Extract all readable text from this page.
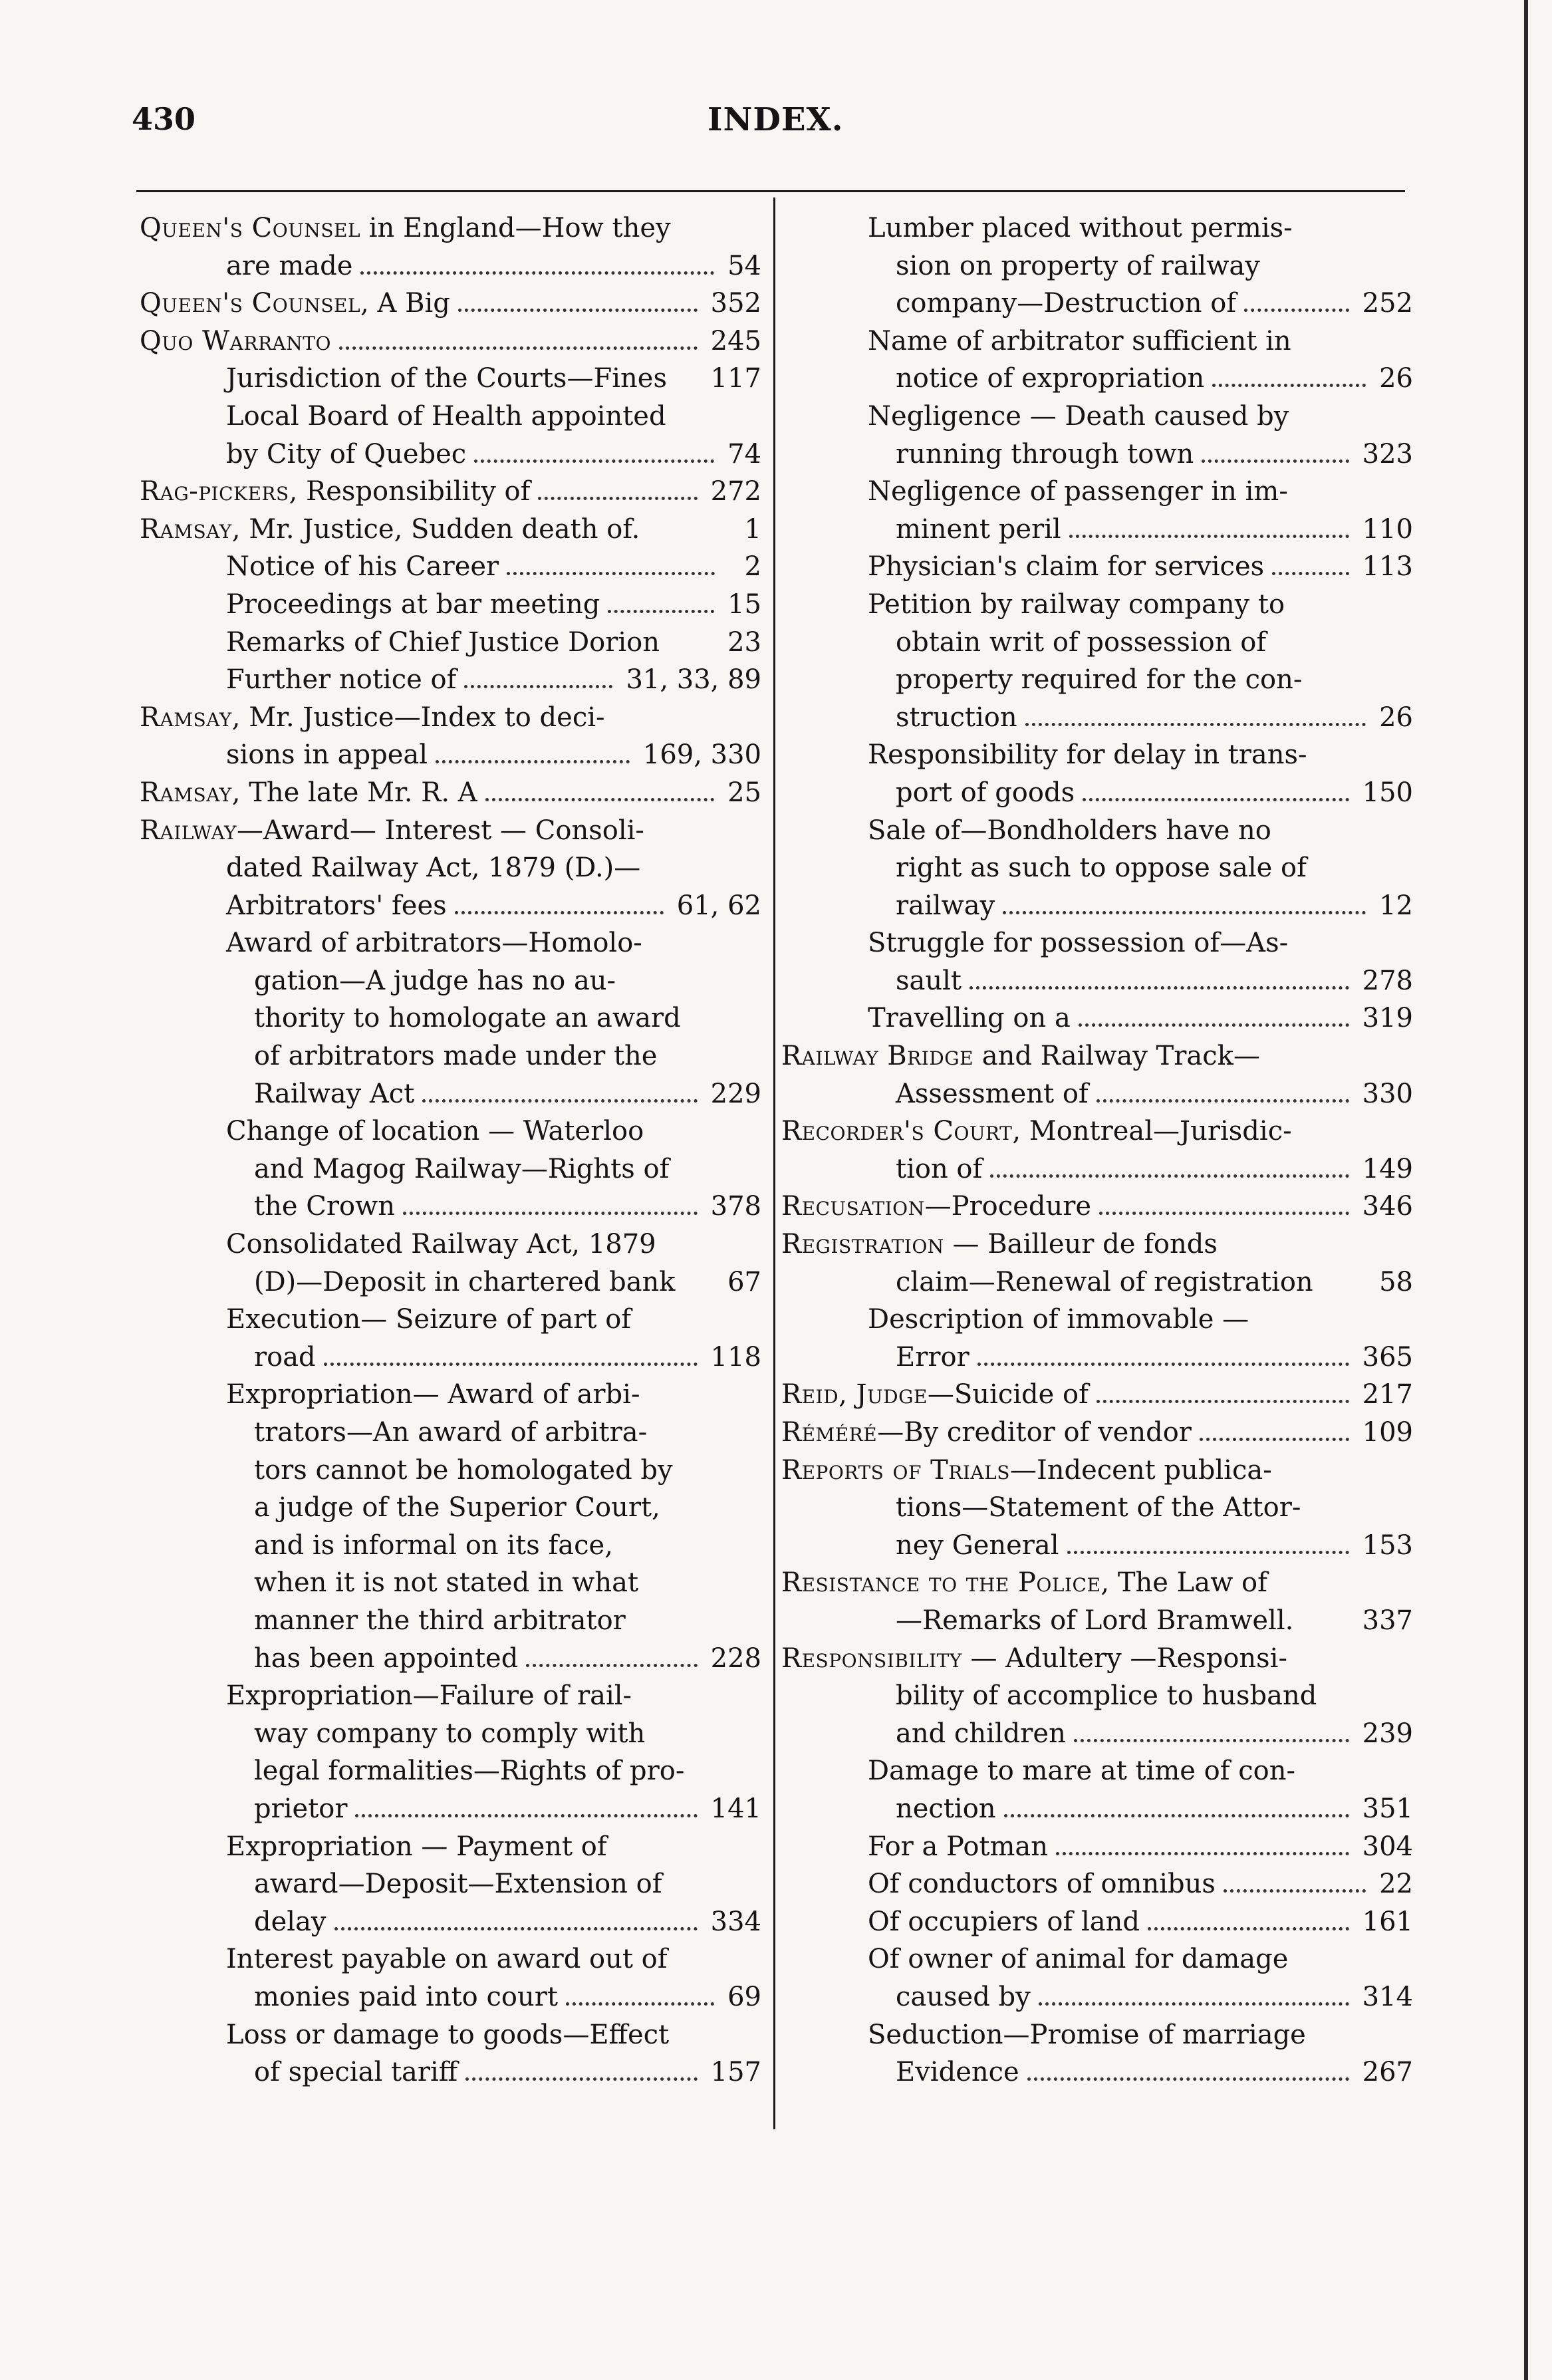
430	INDEX.
Queen's Counsel in England—How they
are made	54
Queen's Counsel , A Big	352
Quo Warranto	245
Jurisdiction of the Courts—Fines 117
Local Board of Health appointed
by City of Quebec	74
Rag-pickers , Responsibility of	272
Ramsay , Mr. Justice, Sudden death of.	1
Notice of his Career	2
Proceedings at bar meeting	15
Remarks of Chief Justice Dorion	23
Further notice of	31, 33, 89
Ramsay , Mr. Justice—Index to deci-
sions in appeal	169, 330
Ramsay , The late Mr. R. A	25
Railway —Award— Interest — Consoli-
dated Railway Act, 1879 (D.)—
Arbitrators' fees	61, 62
Award of arbitrators—Homolo-
gation—A judge has no au-
thority to homologate an award
of arbitrators made under the
Railway Act	229
Change of location — Waterloo
and Magog Railway—Rights of
the Crown	378
Consolidated Railway Act, 1879
(D)—Deposit in chartered bank 67
Execution— Seizure of part of
road	118
Expropriation— Award of arbi-
trators—An award of arbitra-
tors cannot be homologated by
a judge of the Superior Court,
and is informal on its face,
when it is not stated in what
manner the third arbitrator
has been appointed	228
Expropriation—Failure of rail-
way company to comply with
legal formalities—Rights of pro-
prietor	141
Expropriation — Payment of
award—Deposit—Extension of
delay	334
Interest payable on award out of
monies paid into court	69
Loss or damage to goods—Effect
of special tariff	157
Lumber placed without permis-
sion on property of railway
company—Destruction of	252
Name of arbitrator sufficient in
notice of expropriation	26
Negligence — Death caused by
running through town	323
Negligence of passenger in im-
minent peril	110
Physician's claim for services	113
Petition by railway company to
obtain writ of possession of
property required for the con-
struction	26
Responsibility for delay in trans-
port of goods	150
Sale of—Bondholders have no
right as such to oppose sale of
railway	12
Struggle for possession of—As-
sault	278
Travelling on a	319
Railway Bridge and Railway Track—
Assessment of	330
Recorder's Court , Montreal—Jurisdic-
tion of	149
Recusation —Procedure	346
Registration — Bailleur de fonds
claim—Renewal of registration 58
Description of immovable —
Error	365
Reid, Judge —Suicide of	217
Réméré —By creditor of vendor	109
Reports of Trials —Indecent publica-
tions—Statement of the Attor-
ney General	153
Resistance to the Police , The Law of
—Remarks of Lord Bramwell.	337
Responsibility — Adultery —Responsi-
bility of accomplice to husband
and children	239
Damage to mare at time of con-
nection	351
For a Potman	304
Of conductors of omnibus	22
Of occupiers of land	161
Of owner of animal for damage
caused by	314
Seduction—Promise of marriage
Evidence	267
